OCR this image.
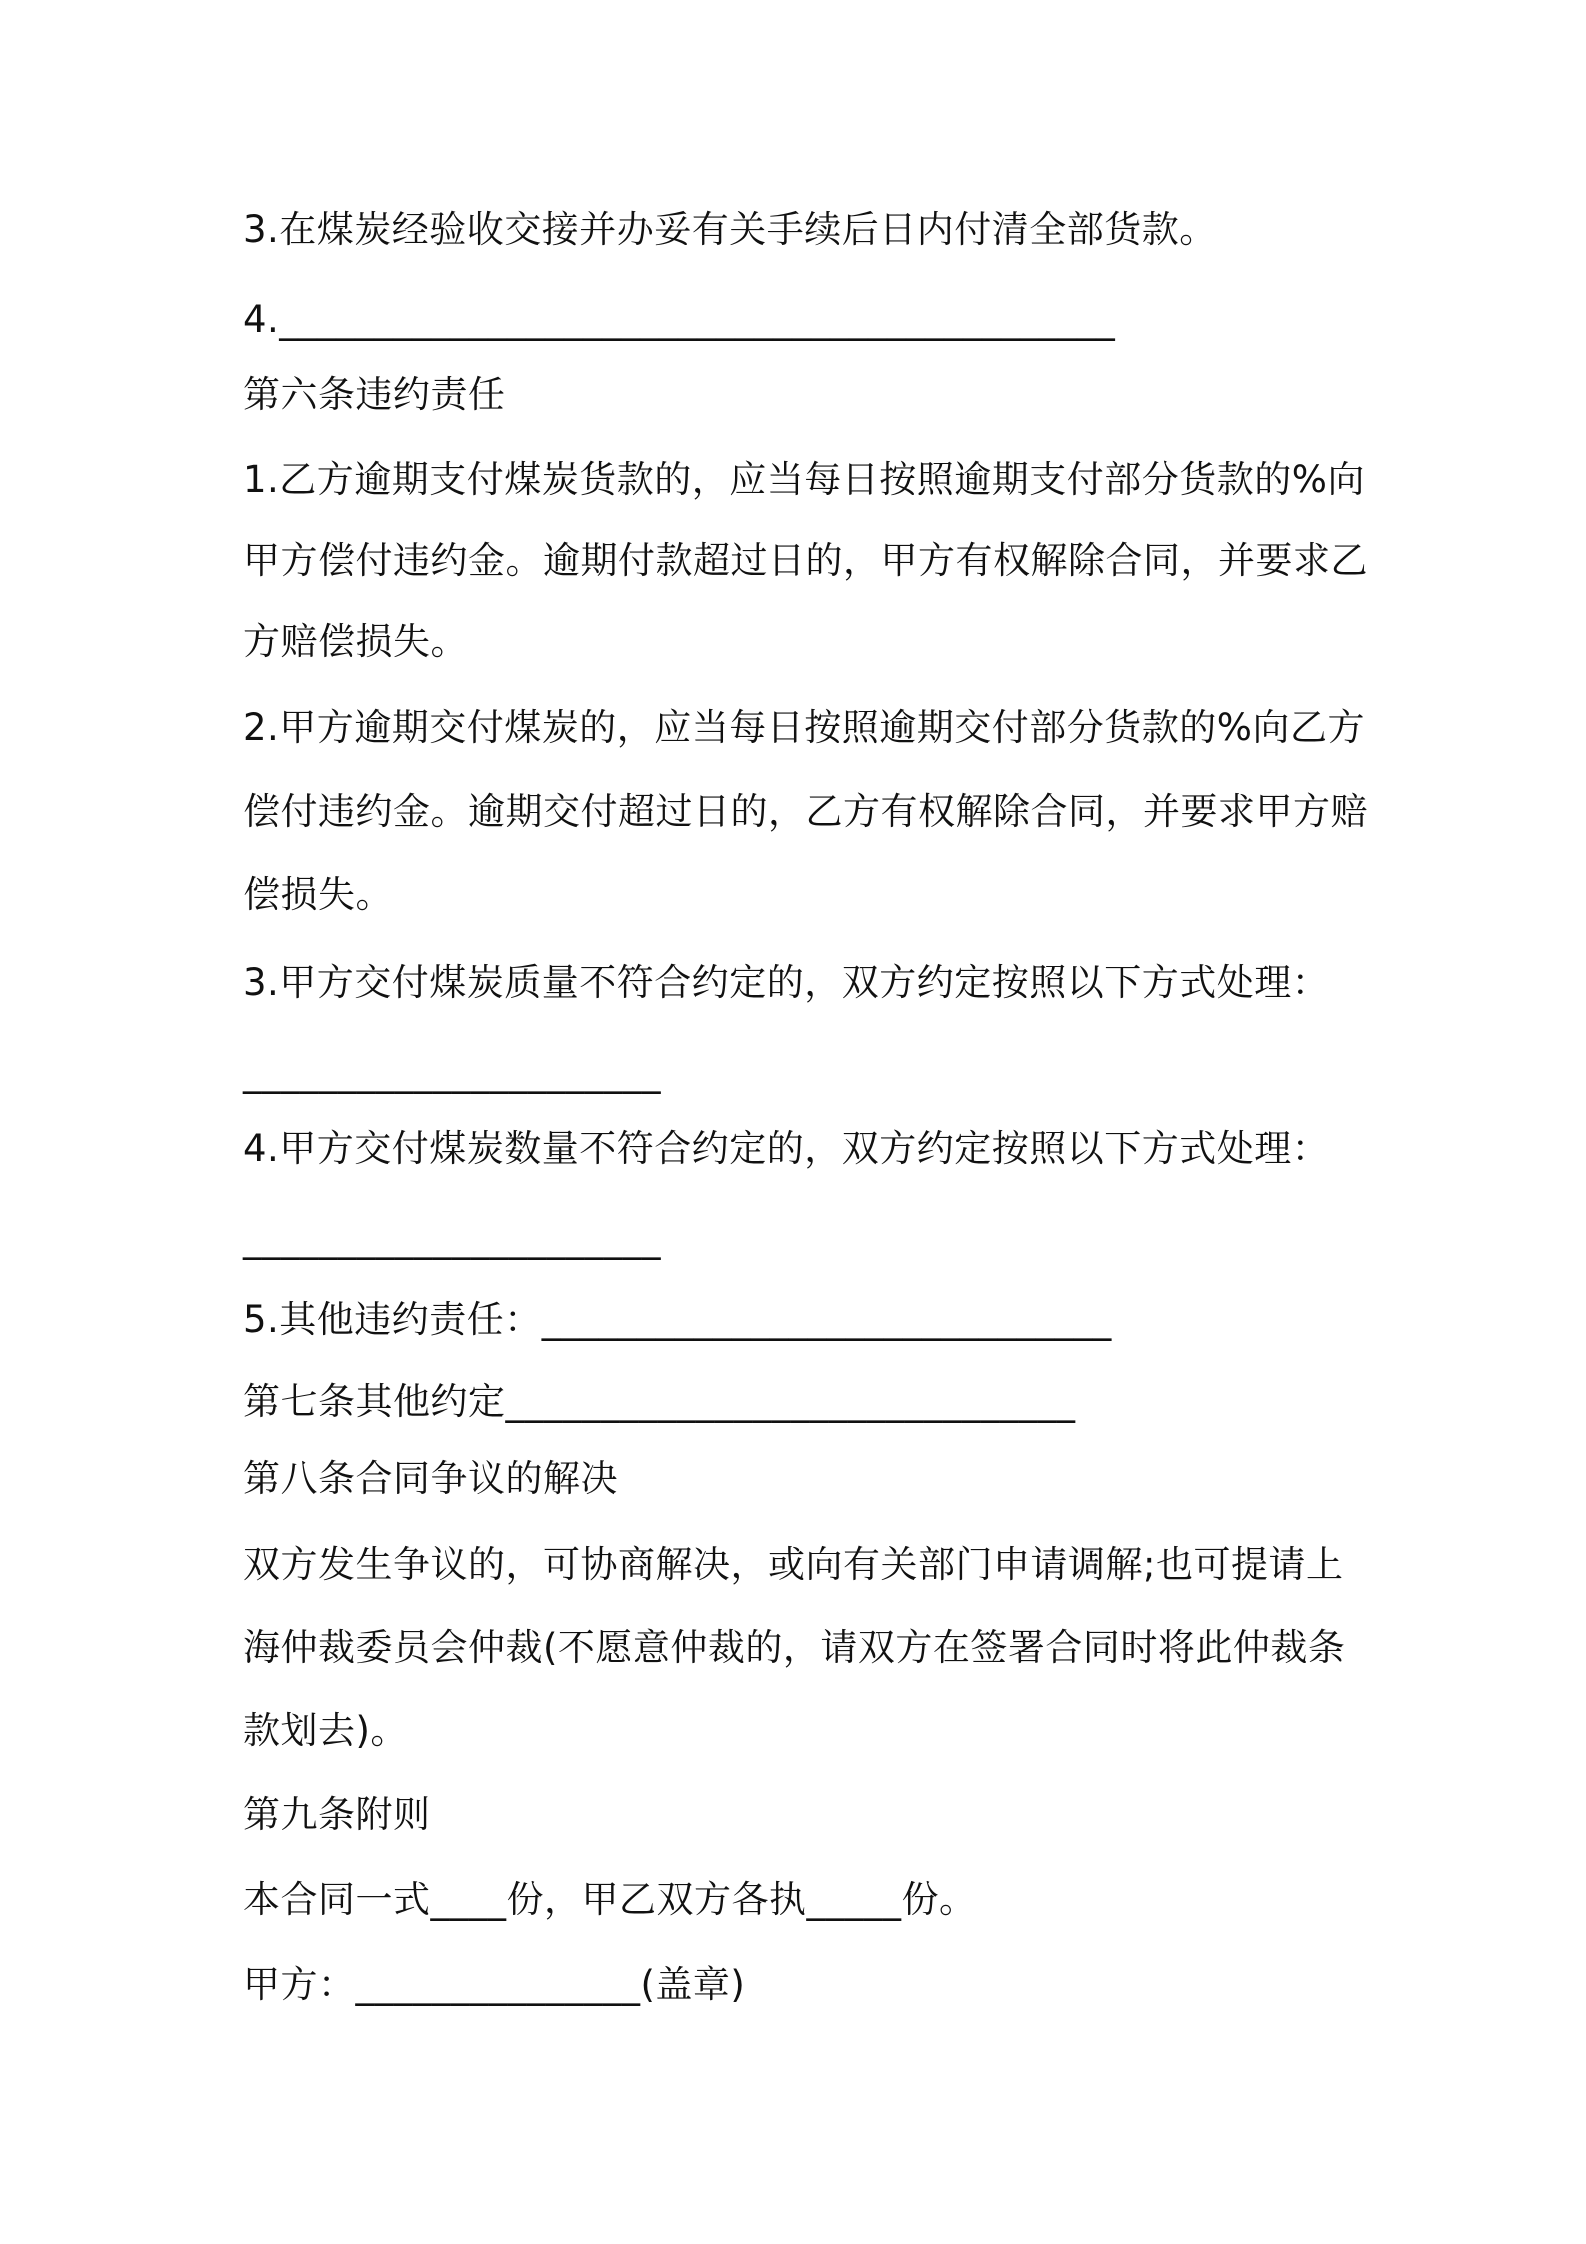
3.在煤炭经验收交接并办妥有关手续后日内付清全部货款。
4.____________________________________________
第六条违约责任
1.乙方逾期支付煤炭货款的，应当每日按照逾期支付部分货款的%向
甲方偿付违约金。逾期付款超过日的，甲方有权解除合同，并要求乙
方赔偿损失。
2.甲方逾期交付煤炭的，应当每日按照逾期交付部分货款的%向乙方
偿付违约金。逾期交付超过日的，乙方有权解除合同，并要求甲方赔
偿损失。
3.甲方交付煤炭质量不符合约定的，双方约定按照以下方式处理：
______________________
4.甲方交付煤炭数量不符合约定的，双方约定按照以下方式处理：
______________________
5.其他违约责任：______________________________
第七条其他约定______________________________
第八条合同争议的解决
双方发生争议的，可协商解决，或向有关部门申请调解;也可提请上
海仲裁委员会仲裁(不愿意仲裁的，请双方在签署合同时将此仲裁条
款划去)。
第九条附则
本合同一式____份，甲乙双方各执_____份。
甲方：_______________(盖章)
